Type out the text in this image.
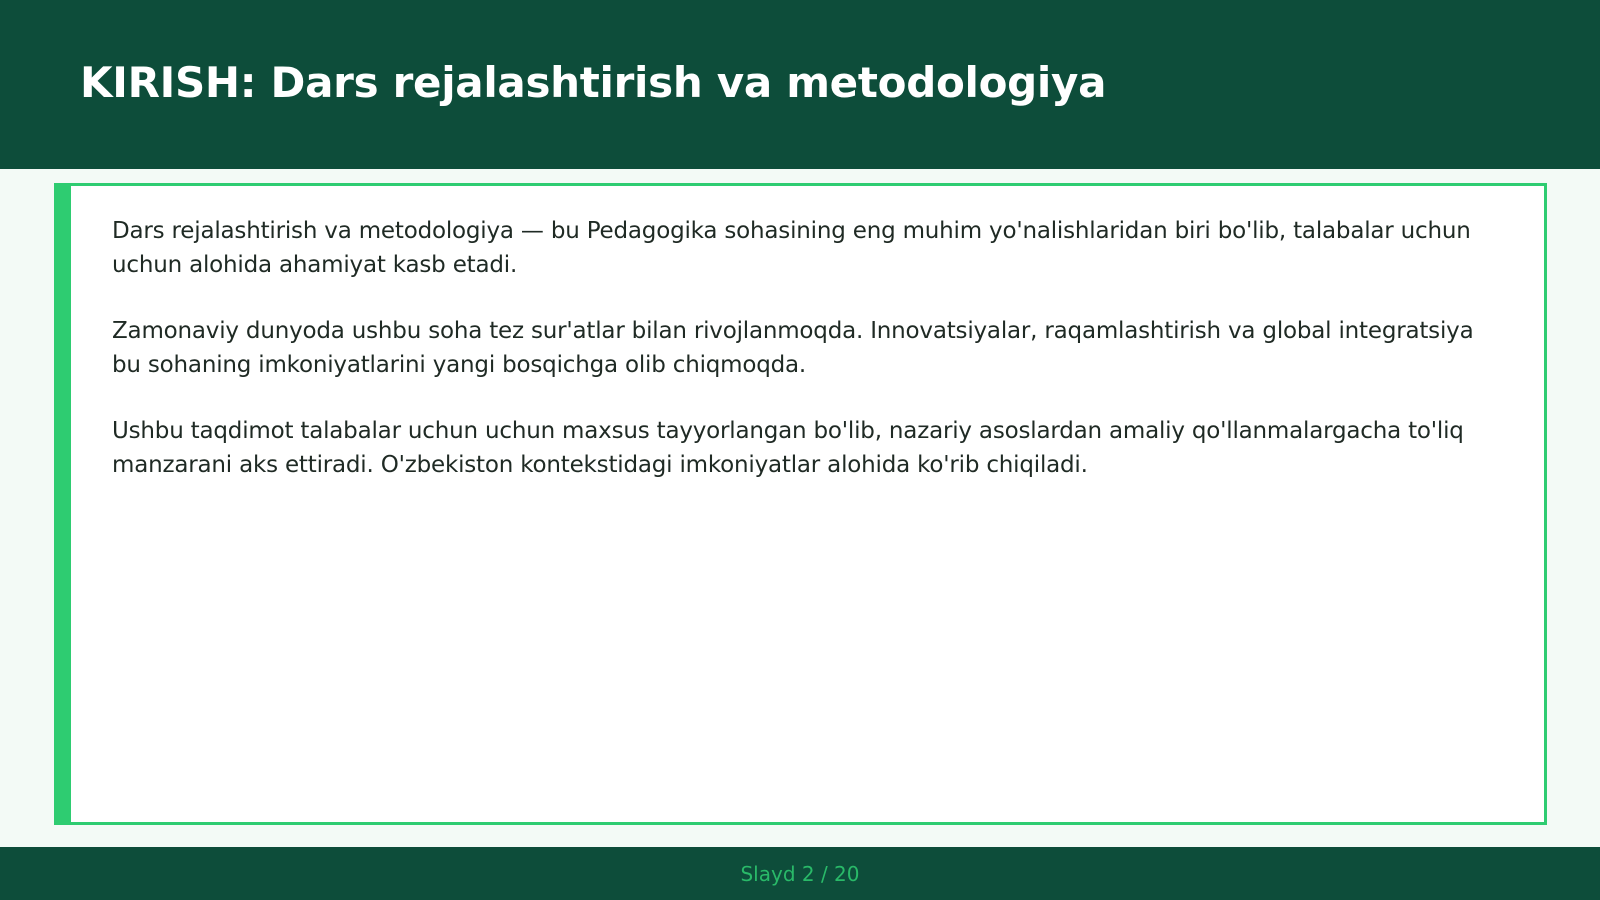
KIRISH: Dars rejalashtirish va metodologiya

Dars rejalashtirish va metodologiya — bu Pedagogika sohasining eng muhim yo'nalishlaridan biri bo'lib, talabalar uchun uchun alohida ahamiyat kasb etadi.

Zamonaviy dunyoda ushbu soha tez sur'atlar bilan rivojlanmoqda. Innovatsiyalar, raqamlashtirish va global integratsiya bu sohaning imkoniyatlarini yangi bosqichga olib chiqmoqda.

Ushbu taqdimot talabalar uchun uchun maxsus tayyorlangan bo'lib, nazariy asoslardan amaliy qo'llanmalargacha to'liq manzarani aks ettiradi. O'zbekiston kontekstidagi imkoniyatlar alohida ko'rib chiqiladi.

Slayd 2 / 20
